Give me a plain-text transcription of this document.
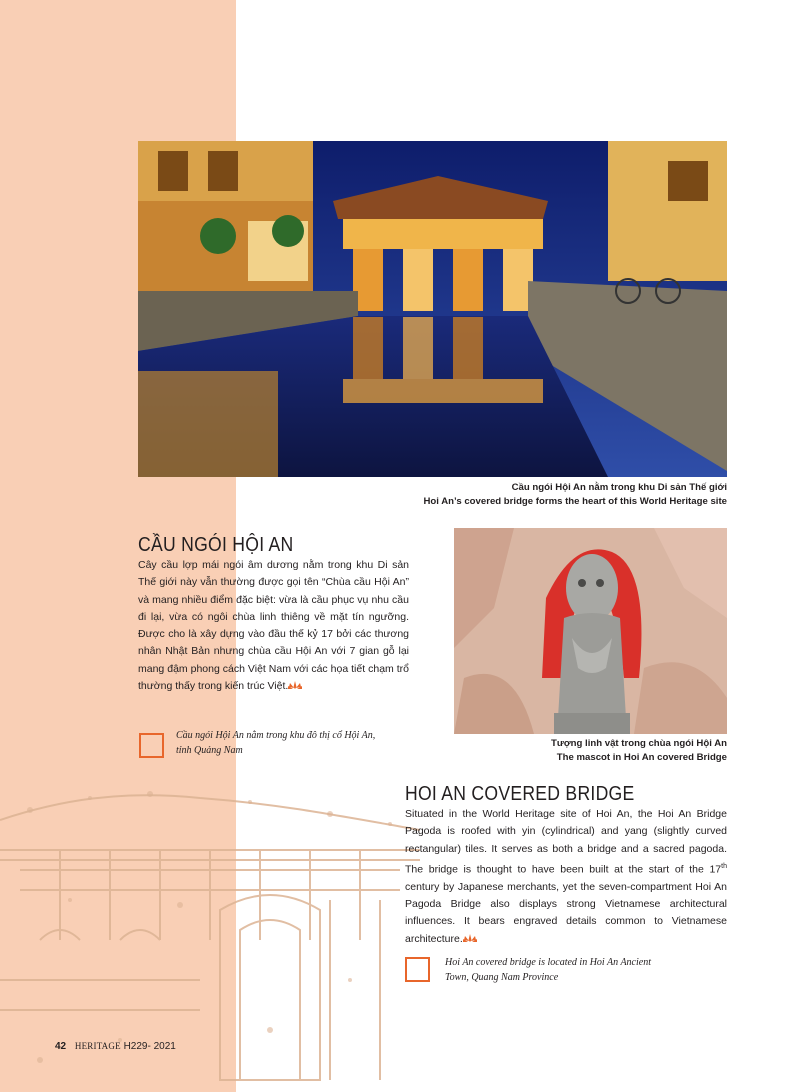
Cầu ngói Hội An nằm trong khu Di sản Thế giới
Hoi An’s covered bridge forms the heart of this World Heritage site
Tượng linh vật trong chùa ngói Hội An
The mascot in Hoi An covered Bridge
CẦU NGÓI HỘI AN
Cây cầu lợp mái ngói âm dương nằm trong khu Di sản Thế giới này vẫn thường được gọi tên “Chùa cầu Hội An” và mang nhiều điểm đặc biệt: vừa là cầu phục vụ nhu cầu đi lại, vừa có ngôi chùa linh thiêng về mặt tín ngưỡng. Được cho là xây dựng vào đầu thế kỷ 17 bởi các thương nhân Nhật Bản nhưng chùa cầu Hội An với 7 gian gỗ lại mang đậm phong cách Việt Nam với các họa tiết chạm trổ thường thấy trong kiến trúc Việt.
Cầu ngói Hội An nằm trong khu đô thị cổ Hội An, tỉnh Quảng Nam
HOI AN COVERED BRIDGE
Situated in the World Heritage site of Hoi An, the Hoi An Bridge Pagoda is roofed with yin (cylindrical) and yang (slightly curved rectangular) tiles. It serves as both a bridge and a sacred pagoda. The bridge is thought to have been built at the start of the 17th century by Japanese merchants, yet the seven-compartment Hoi An Pagoda Bridge also displays strong Vietnamese architectural influences. It bears engraved details common to Vietnamese architecture.
Hoi An covered bridge is located in Hoi An Ancient Town, Quang Nam Province
42 HERITAGE H229- 2021
